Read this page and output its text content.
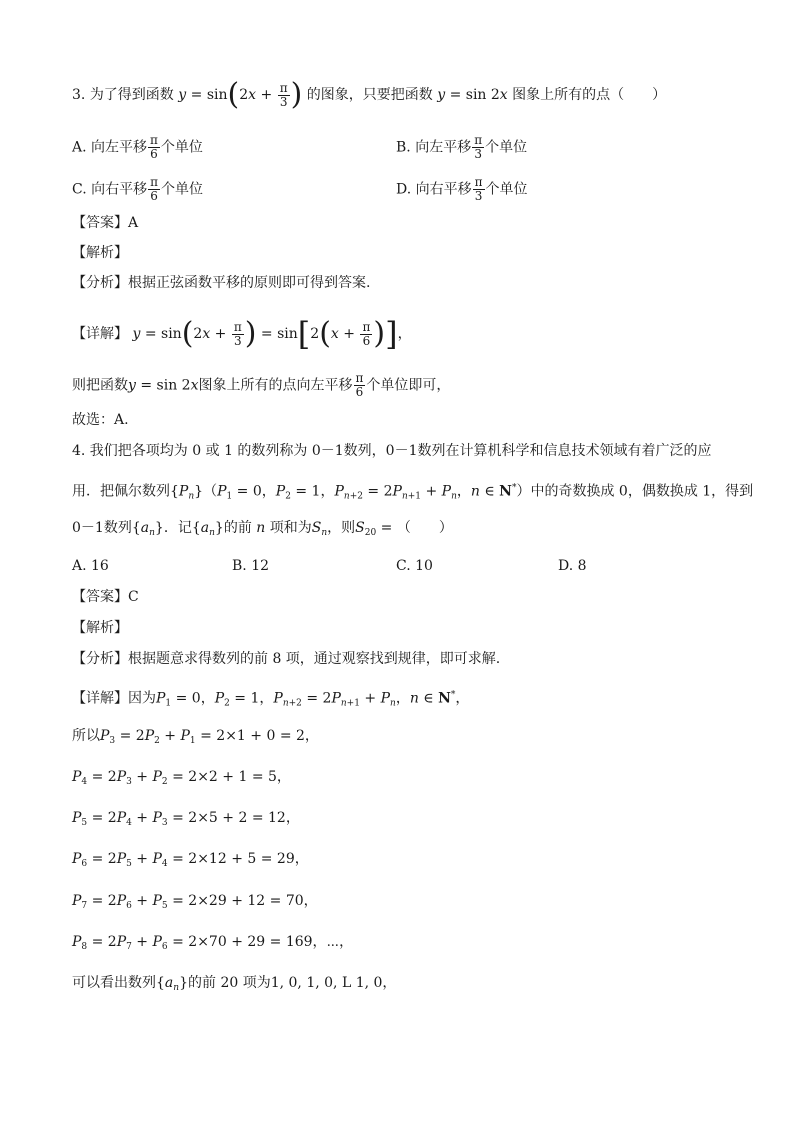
3. 为了得到函数 $y = \sin(2x + \frac{\pi}{3}$ ) 的图象，只要把函数 y = sin 2x 图象上所有的点（　　）
A. 向左平移 $\frac{\pi}{6}$ 个单位	B. 向左平移 $\frac{\pi}{3}$ 个单位
C. 向右平移 $\frac{\pi}{6}$ 个单位	D. 向右平移 $\frac{\pi}{3}$ 个单位
【答案】A
【解析】
【分析】根据正弦函数平移的原则即可得到答案.
【详解】 $y = \sin(2x + \frac{\pi}{3}$ ) = $\sin[2(x + \frac{\pi}{6}$ )]，
则把函数y = sin 2x图象上所有的点向左平移 $\frac{\pi}{6}$ 个单位即可，
故选：A.
4. 我们把各项均为 0 或 1 的数列称为 0－1数列，0－1数列在计算机科学和信息技术领域有着广泛的应
用．把佩尔数列$\{P_n\}(P_1 = 0$，$P_2 = 1$，$P_{n+2} = 2P_{n+1} + P_n$，n ∈ N*）中的奇数换成 0，偶数换成 1，得到
0－1数列$\{a_n\}$．记$\{a_n\}$的前 n 项和为$S_n$，则$S_{20}$ = （　　）
A. 16	B. 12	C. 10	D. 8
【答案】C
【解析】
【分析】根据题意求得数列的前 8 项，通过观察找到规律，即可求解.
【详解】因为$P_1 = 0$，$P_2 = 1$，$P_{n+2} = 2P_{n+1} + P_n$，n ∈ N*，
所以$P_3 = 2P_2 + P_1 = 2\times 1 + 0 = 2$，
$P_4 = 2P_3 + P_2 = 2\times 2 + 1 = 5$，
$P_5 = 2P_4 + P_3 = 2\times 5 + 2 = 12$，
$P_6 = 2P_5 + P_4 = 2\times 12 + 5 = 29$，
$P_7 = 2P_6 + P_5 = 2\times 29 + 12 = 70$，
$P_8 = 2P_7 + P_6 = 2\times 70 + 29 = 169$，⋯，
可以看出数列$\{a_n\}$的前 20 项为1, 0, 1, 0, L 1, 0，
